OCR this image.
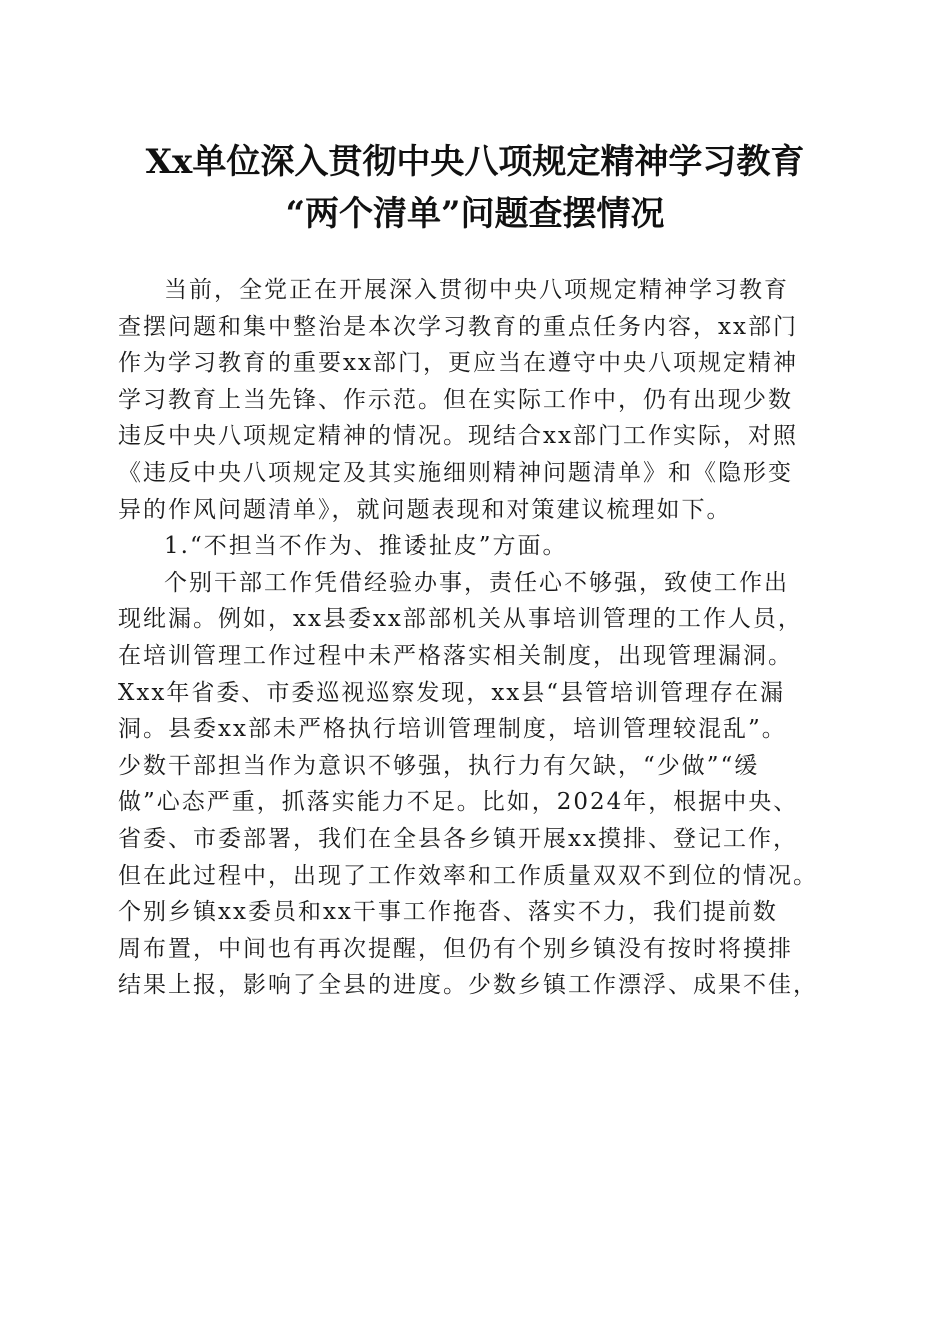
Xx单位深入贯彻中央八项规定精神学习教育
“两个清单”问题查摆情况
当前，全党正在开展深入贯彻中央八项规定精神学习教育
查摆问题和集中整治是本次学习教育的重点任务内容，xx部门
作为学习教育的重要xx部门，更应当在遵守中央八项规定精神
学习教育上当先锋、作示范。但在实际工作中，仍有出现少数
违反中央八项规定精神的情况。现结合xx部门工作实际，对照
《违反中央八项规定及其实施细则精神问题清单》和《隐形变
异的作风问题清单》，就问题表现和对策建议梳理如下。
1.“不担当不作为、推诿扯皮”方面。
个别干部工作凭借经验办事，责任心不够强，致使工作出
现纰漏。例如，xx县委xx部部机关从事培训管理的工作人员，
在培训管理工作过程中未严格落实相关制度，出现管理漏洞。
Xxx年省委、市委巡视巡察发现，xx县“县管培训管理存在漏
洞。县委xx部未严格执行培训管理制度，培训管理较混乱”。
少数干部担当作为意识不够强，执行力有欠缺，“少做”“缓
做”心态严重，抓落实能力不足。比如，2024年，根据中央、
省委、市委部署，我们在全县各乡镇开展xx摸排、登记工作，
但在此过程中，出现了工作效率和工作质量双双不到位的情况。
个别乡镇xx委员和xx干事工作拖沓、落实不力，我们提前数
周布置，中间也有再次提醒，但仍有个别乡镇没有按时将摸排
结果上报，影响了全县的进度。少数乡镇工作漂浮、成果不佳，
